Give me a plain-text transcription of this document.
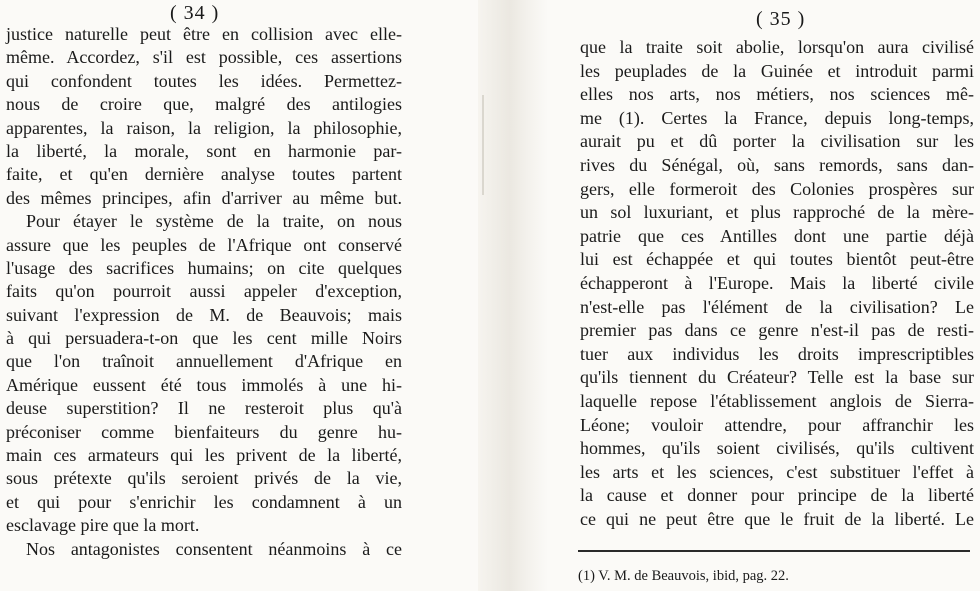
( 34 )
justice naturelle peut être en collision avec elle-
même. Accordez, s'il est possible, ces assertions
qui confondent toutes les idées. Permettez-
nous de croire que, malgré des antilogies
apparentes, la raison, la religion, la philosophie,
la liberté, la morale, sont en harmonie par-
faite, et qu'en dernière analyse toutes partent
des mêmes principes, afin d'arriver au même but.
Pour étayer le système de la traite, on nous
assure que les peuples de l'Afrique ont conservé
l'usage des sacrifices humains; on cite quelques
faits qu'on pourroit aussi appeler d'exception,
suivant l'expression de M. de Beauvois; mais
à qui persuadera-t-on que les cent mille Noirs
que l'on traînoit annuellement d'Afrique en
Amérique eussent été tous immolés à une hi-
deuse superstition? Il ne resteroit plus qu'à
préconiser comme bienfaiteurs du genre hu-
main ces armateurs qui les privent de la liberté,
sous prétexte qu'ils seroient privés de la vie,
et qui pour s'enrichir les condamnent à un
esclavage pire que la mort.
Nos antagonistes consentent néanmoins à ce
( 35 )
que la traite soit abolie, lorsqu'on aura civilisé
les peuplades de la Guinée et introduit parmi
elles nos arts, nos métiers, nos sciences mê-
me (1). Certes la France, depuis long-temps,
aurait pu et dû porter la civilisation sur les
rives du Sénégal, où, sans remords, sans dan-
gers, elle formeroit des Colonies prospères sur
un sol luxuriant, et plus rapproché de la mère-
patrie que ces Antilles dont une partie déjà
lui est échappée et qui toutes bientôt peut-être
échapperont à l'Europe. Mais la liberté civile
n'est-elle pas l'élément de la civilisation? Le
premier pas dans ce genre n'est-il pas de resti-
tuer aux individus les droits imprescriptibles
qu'ils tiennent du Créateur? Telle est la base sur
laquelle repose l'établissement anglois de Sierra-
Léone; vouloir attendre, pour affranchir les
hommes, qu'ils soient civilisés, qu'ils cultivent
les arts et les sciences, c'est substituer l'effet à
la cause et donner pour principe de la liberté
ce qui ne peut être que le fruit de la liberté. Le
(1) V. M. de Beauvois, ibid, pag. 22.
